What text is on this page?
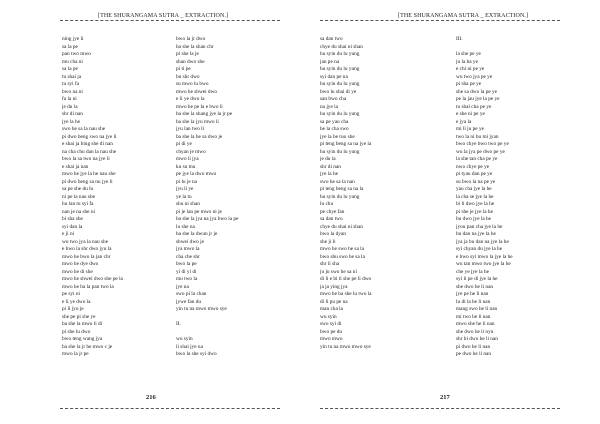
[THE SHURANGAMA SUTRA _ EXTRACTION.]
ning jye li
sa la pe
pan two mwo
mu cha ni
sa la pe
tu shai ja
tu syi fa
bwo na ni
fa la ni
je du la
shr di nan
jye la he
swo he sa la nau she
pi dwo beng swo na jye li
e shai ja bing she di nan
na cha chu dan la nau she
bwo la sa two na jye li
e shai ja nan
mwo he jye la he nau she
pi dwo beng sa nu jye li
sa pe she du lu
ni pe la nau she
hu lan tu syi fa
nan je na she ni
bi sha she
syi dan la
e ji ni
wu two jya la nau she
e bwo la shr dwo jyu la
mwo he bwo la jan chr
mwo he dye dwo
mwo he di she
mwo he shwei dwo she pe la
mwo he ba la pan two la
pe syi ni
e li ye dwo la
pi li jyu je
she pe pi she ye
ba she la mwo li di
pi she lu dwo
bwo teng wang jya
ba she la jr he mwo c je
mwo la jr pe
bwo la jr dwo
ba she la shan chr
pi she la je
shan dwo she
pi ti pe
bu shr dwo
su mwo lu bwo
mwo he shwei dwo
e li ye dwo la
mwo he pe la e bwo li
ba she la shang jye la jr pe
ba she la jyu mwo li
jyu lan two li
ba she la he sa dwo je
pi di ye
chyan je mwo
mwo li jya
ku su mu
pe jye la dwo mwo
pi lu je na
jyu li ye
ye la tu
shu ni shan
pi je lan pe mwo ni je
ba she la jya na jya bwo la pe
lu she na
ba she la dwun jr je
shwei dwo je
jya mwo la
cha che shr
bwo la pe
yi di yi di
mu two la
jye na
swo pi la chan
jywe fan du
yin tu na mwo mwo sye
II.
wu syin
li shai jye na
bwo la she syi dwo
216
[THE SHURANGAMA SUTRA _ EXTRACTION.]
sa dan two
chye du shai ni shan
hu syin du lu yung
jan pe na
hu syin du lu yung
syi dan pe na
hu syin du lu yung
bwo lu shai di ye
san bwo cha
na jye la
hu syin du lu yung
sa pe yau cha
he la cha swo
jye la he ruo she
pi teng beng sa na jye la
hu syin du lu yung
je du la
shr di nan
jye la he
swo he sa la nan
pi teng beng sa na la
hu syin du lu yung
lu chu
pe chye fan
sa dan two
chye du shai ni shan
bwo la dyan
she ji li
mwo he swo he sa la
bwo shu swo he sa la
shr li sha
ju ju swo he sa ni
di li e bi ti she pe li dwo
ja ja ying jya
mwo he ba she lu two la
di li pu pe na
man cha la
wu syin
swo syi di
bwo pe du
mwo mwo
yin tu na mwo mwo sye
III.
la she pe ye
ju la ba ye
e chi ni pe ye
wu two jya pe ye
pi sha pe ye
she sa dwo la pe ye
pe la jau jye la pe ye
tu shai cha pe ye
e she ni pe ye
e jya la
mi li ju pe ye
two la ni bu mi jyan
bwo chye bwo two pe ye
wu la jya pe dwo pe ye
la she tan cha pe ye
nwo chye pe ye
pi tyau dan pe ye
su bwo la na pe ye
yau cha jye la he
la cha se jye la he
bi li dwo jye la he
pi she je jye la he
bu dwo jye la he
jyou pan cha jye la he
bu dan na jye la he
jya ja bu dan na jye la he
syi chyan du jye la he
e bwo syi mwo la jye la he
wu tan mwo two jye la he
che ye jye la he
syi li pe di jye la he
she dwo he li nan
jye pe he li nan
lu di la he li nan
mang swo he li nan
mi two he li nan
mwo she he li nan
she dwo he li nyu
shr bi dwo he li nan
pi dwo he li nan
pe dwo he li nan
217
